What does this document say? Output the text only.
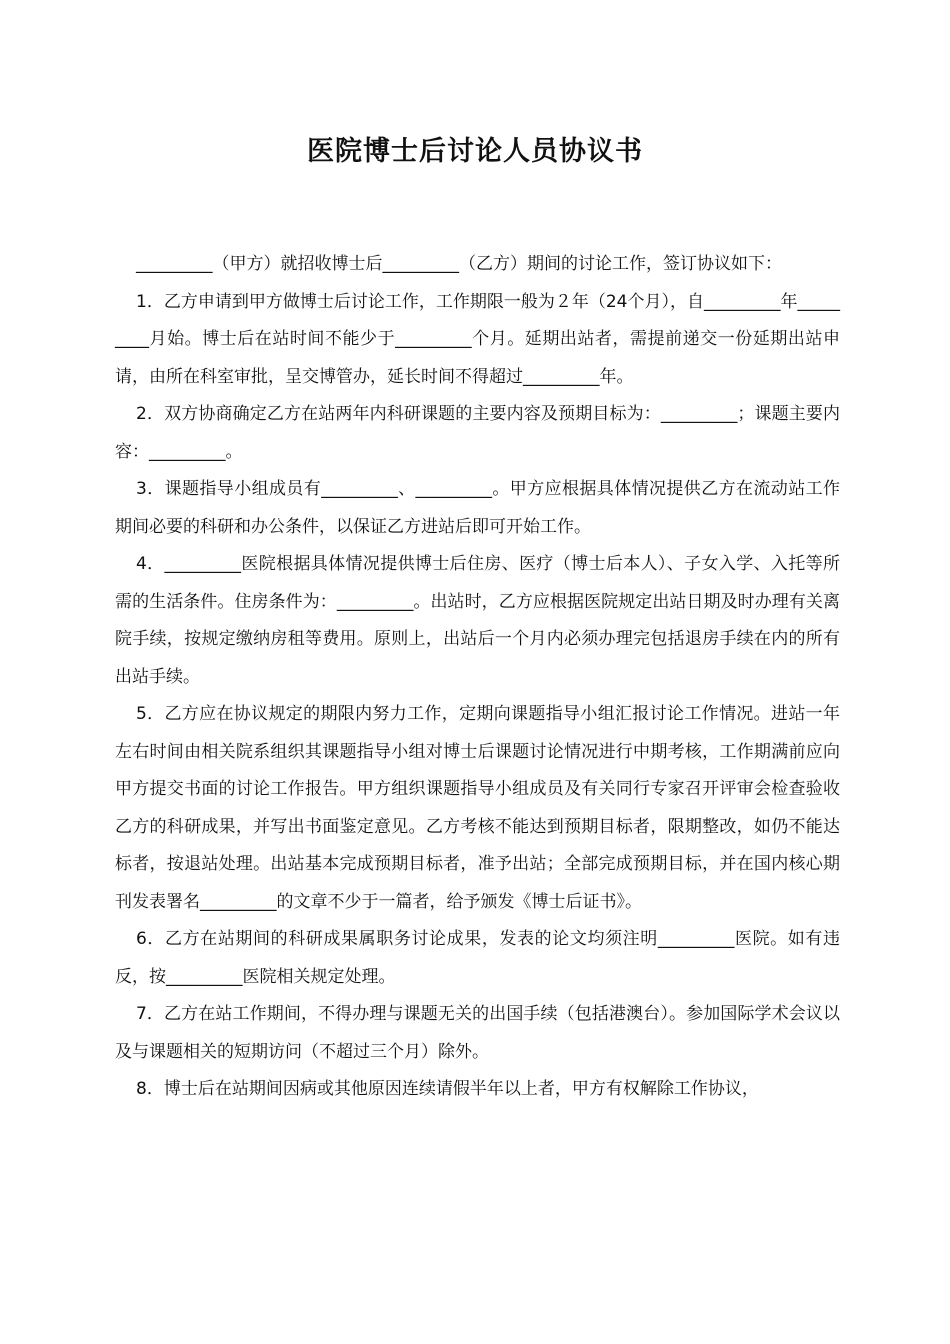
医院博士后讨论人员协议书

_________（甲方）就招收博士后_________（乙方）期间的讨论工作，签订协议如下：

1．乙方申请到甲方做博士后讨论工作，工作期限一般为２年（24个月），自_________年_________月始。博士后在站时间不能少于_________个月。延期出站者，需提前递交一份延期出站申请，由所在科室审批，呈交博管办，延长时间不得超过_________年。

2．双方协商确定乙方在站两年内科研课题的主要内容及预期目标为：_________；课题主要内容：_________。

3．课题指导小组成员有_________、_________。甲方应根据具体情况提供乙方在流动站工作期间必要的科研和办公条件，以保证乙方进站后即可开始工作。

4．_________医院根据具体情况提供博士后住房、医疗（博士后本人）、子女入学、入托等所需的生活条件。住房条件为：_________。出站时，乙方应根据医院规定出站日期及时办理有关离院手续，按规定缴纳房租等费用。原则上，出站后一个月内必须办理完包括退房手续在内的所有出站手续。

5．乙方应在协议规定的期限内努力工作，定期向课题指导小组汇报讨论工作情况。进站一年左右时间由相关院系组织其课题指导小组对博士后课题讨论情况进行中期考核，工作期满前应向甲方提交书面的讨论工作报告。甲方组织课题指导小组成员及有关同行专家召开评审会检查验收乙方的科研成果，并写出书面鉴定意见。乙方考核不能达到预期目标者，限期整改，如仍不能达标者，按退站处理。出站基本完成预期目标者，准予出站；全部完成预期目标，并在国内核心期刊发表署名_________的文章不少于一篇者，给予颁发《博士后证书》。

6．乙方在站期间的科研成果属职务讨论成果，发表的论文均须注明_________医院。如有违反，按_________医院相关规定处理。

7．乙方在站工作期间，不得办理与课题无关的出国手续（包括港澳台）。参加国际学术会议以及与课题相关的短期访问（不超过三个月）除外。

8．博士后在站期间因病或其他原因连续请假半年以上者，甲方有权解除工作协议，
